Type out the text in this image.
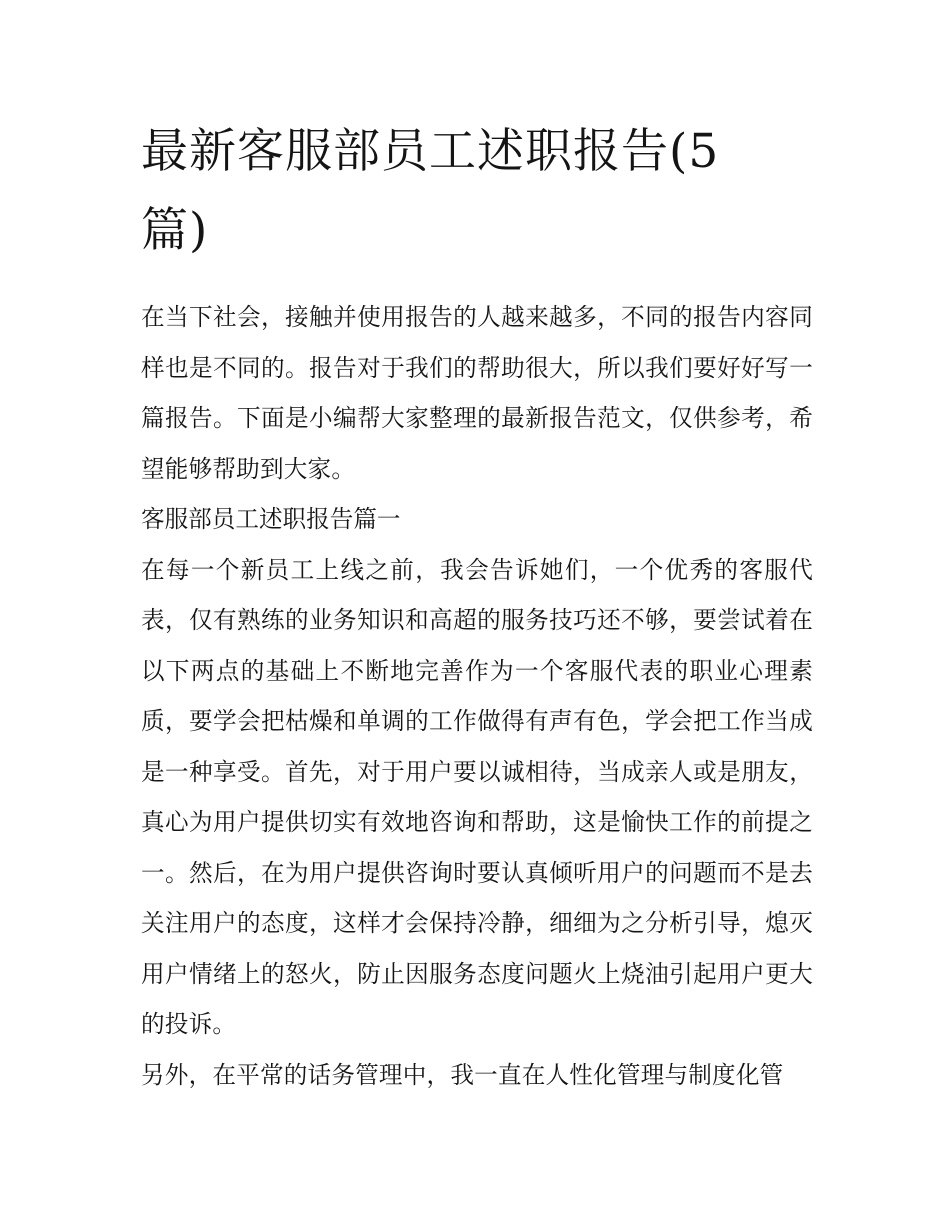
最新客服部员工述职报告(5篇)

在当下社会，接触并使用报告的人越来越多，不同的报告内容同样也是不同的。报告对于我们的帮助很大，所以我们要好好写一篇报告。下面是小编帮大家整理的最新报告范文，仅供参考，希望能够帮助到大家。

客服部员工述职报告篇一

在每一个新员工上线之前，我会告诉她们，一个优秀的客服代表，仅有熟练的业务知识和高超的服务技巧还不够，要尝试着在以下两点的基础上不断地完善作为一个客服代表的职业心理素质，要学会把枯燥和单调的工作做得有声有色，学会把工作当成是一种享受。首先，对于用户要以诚相待，当成亲人或是朋友，真心为用户提供切实有效地咨询和帮助，这是愉快工作的前提之一。然后，在为用户提供咨询时要认真倾听用户的问题而不是去关注用户的态度，这样才会保持冷静，细细为之分析引导，熄灭用户情绪上的怒火，防止因服务态度问题火上烧油引起用户更大的投诉。

另外，在平常的话务管理中，我一直在人性化管理与制度化管
